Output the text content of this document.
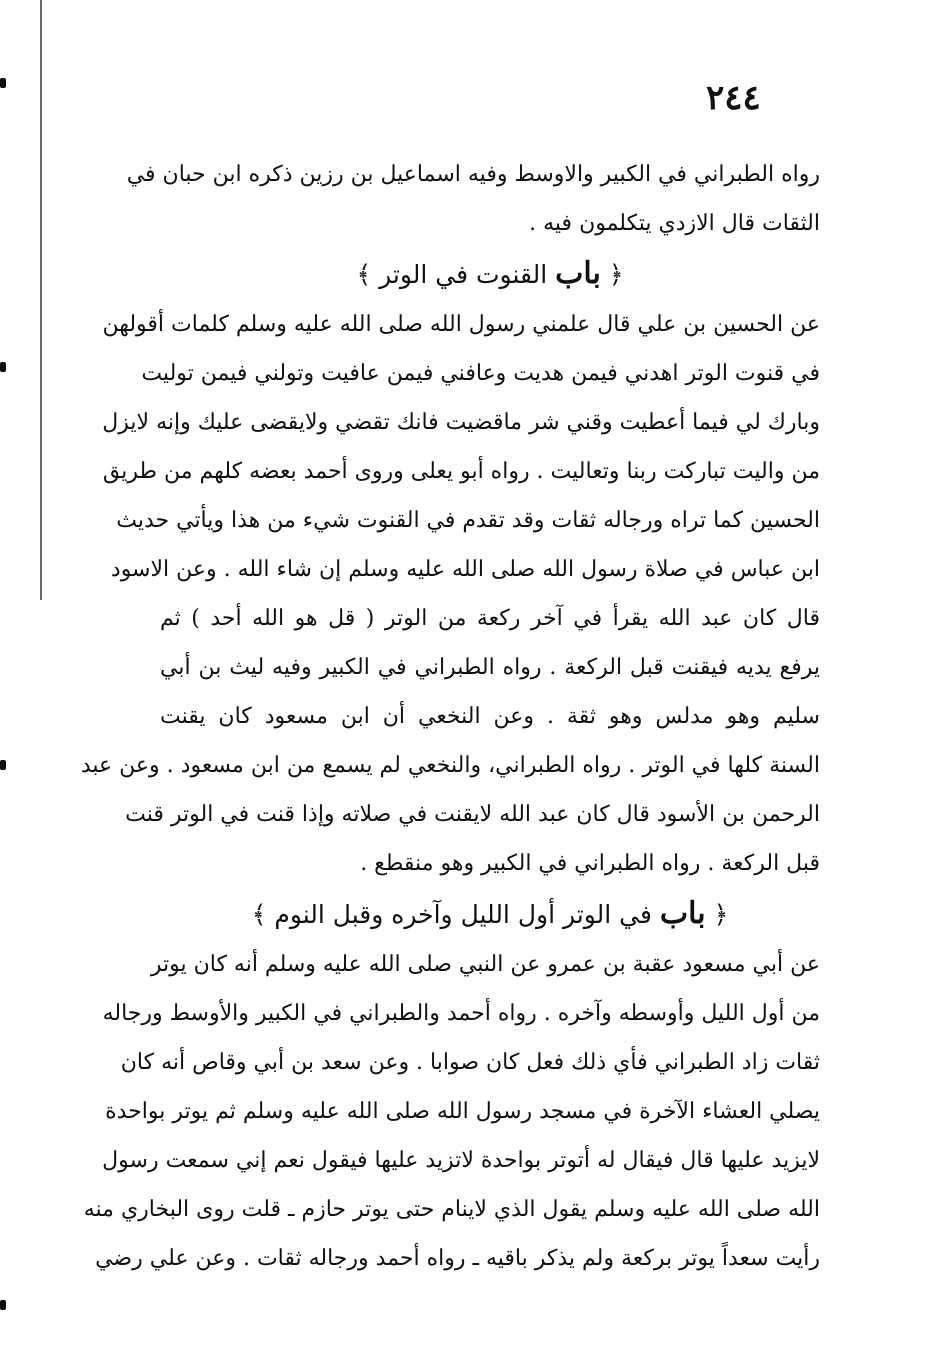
٢٤٤
رواه الطبراني في الكبير والاوسط وفيه اسماعيل بن رزين ذكره ابن حبان في
الثقات قال الازدي يتكلمون فيه .
﴿ باب القنوت في الوتر ﴾
عن الحسين بن علي قال علمني رسول الله صلى الله عليه وسلم كلمات أقولهن
في قنوت الوتر اهدني فيمن هديت وعافني فيمن عافيت وتولني فيمن توليت
وبارك لي فيما أعطيت وقني شر ماقضيت فانك تقضي ولايقضى عليك وإنه لايزل
من واليت تباركت ربنا وتعاليت . رواه أبو يعلى وروى أحمد بعضه كلهم من طريق
الحسين كما تراه ورجاله ثقات وقد تقدم في القنوت شيء من هذا ويأتي حديث
ابن عباس في صلاة رسول الله صلى الله عليه وسلم إن شاء الله . وعن الاسود
قال كان عبد الله يقرأ في آخر ركعة من الوتر ( قل هو الله أحد ) ثم
يرفع يديه فيقنت قبل الركعة . رواه الطبراني في الكبير وفيه ليث بن أبي
سليم وهو مدلس وهو ثقة . وعن النخعي أن ابن مسعود كان يقنت
السنة كلها في الوتر . رواه الطبراني، والنخعي لم يسمع من ابن مسعود . وعن عبد
الرحمن بن الأسود قال كان عبد الله لايقنت في صلاته وإذا قنت في الوتر قنت
قبل الركعة . رواه الطبراني في الكبير وهو منقطع .
﴿ باب في الوتر أول الليل وآخره وقبل النوم ﴾
عن أبي مسعود عقبة بن عمرو عن النبي صلى الله عليه وسلم أنه كان يوتر
من أول الليل وأوسطه وآخره . رواه أحمد والطبراني في الكبير والأوسط ورجاله
ثقات زاد الطبراني فأي ذلك فعل كان صوابا . وعن سعد بن أبي وقاص أنه كان
يصلي العشاء الآخرة في مسجد رسول الله صلى الله عليه وسلم ثم يوتر بواحدة
لايزيد عليها قال فيقال له أتوتر بواحدة لاتزيد عليها فيقول نعم إني سمعت رسول
الله صلى الله عليه وسلم يقول الذي لاينام حتى يوتر حازم ـ قلت روى البخاري منه
رأيت سعداً يوتر بركعة ولم يذكر باقيه ـ رواه أحمد ورجاله ثقات . وعن علي رضي
